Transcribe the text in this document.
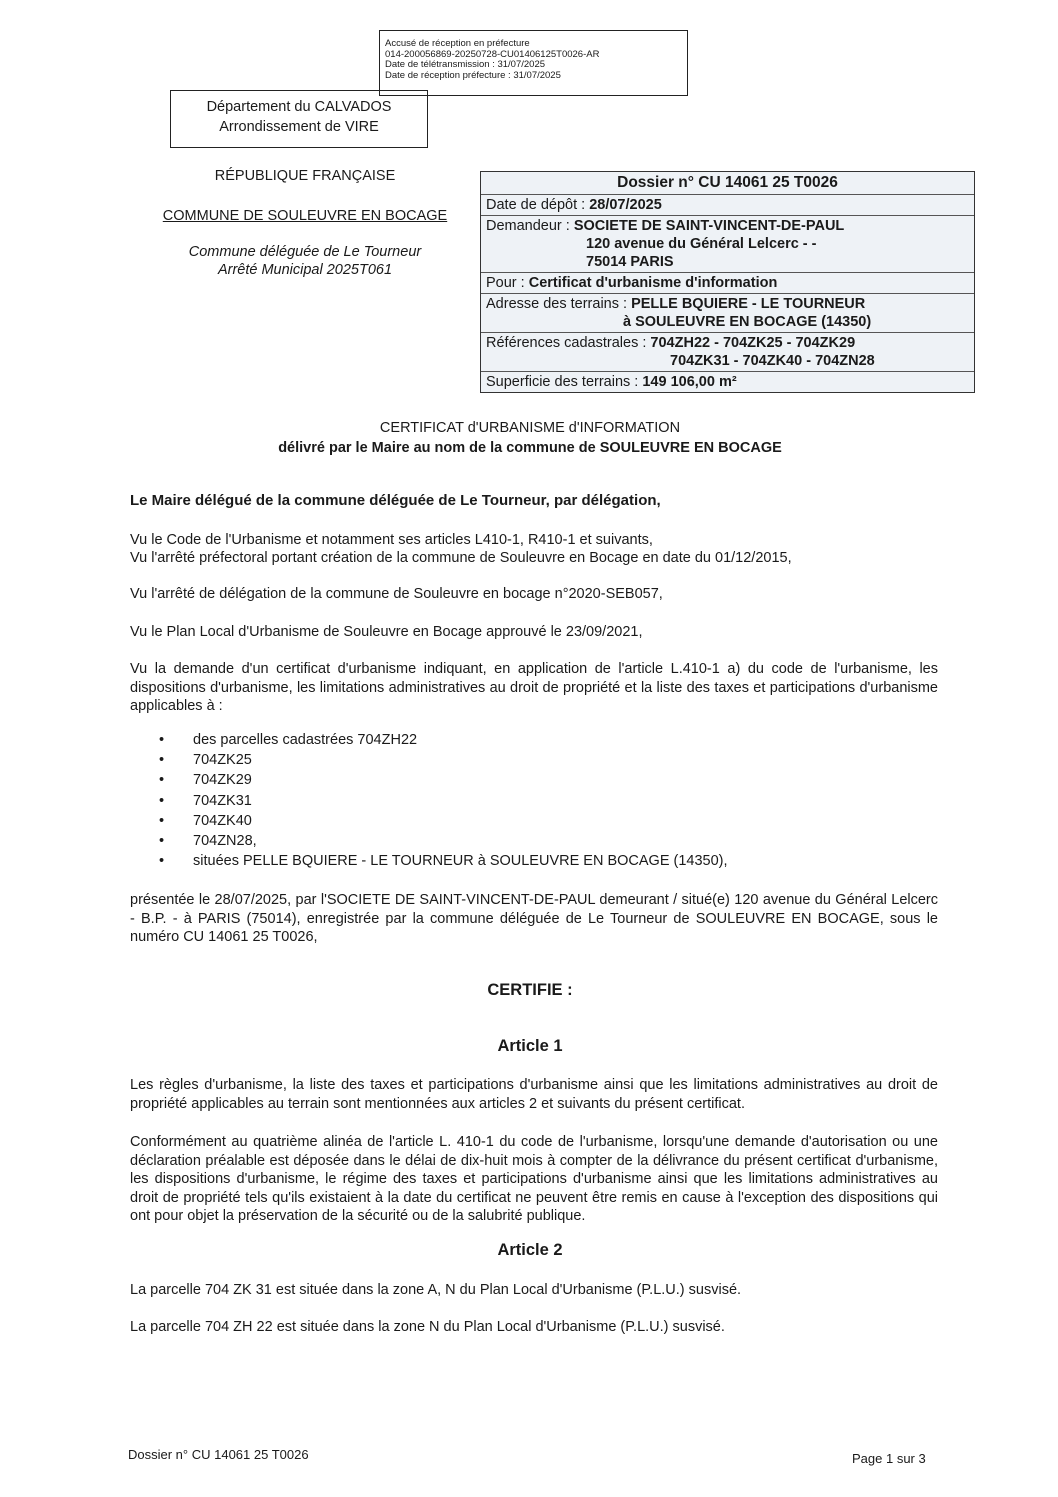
Accusé de réception en préfecture
014-200056869-20250728-CU01406125T0026-AR
Date de télétransmission : 31/07/2025
Date de réception préfecture : 31/07/2025
Département du CALVADOS
Arrondissement de VIRE
RÉPUBLIQUE FRANÇAISE
COMMUNE DE SOULEUVRE EN BOCAGE
Commune déléguée de Le Tourneur
Arrêté Municipal 2025T061
Dossier n° CU 14061 25 T0026
Date de dépôt : 28/07/2025
Demandeur : SOCIETE DE SAINT-VINCENT-DE-PAUL
120 avenue du Général Lelcerc - -
75014 PARIS
Pour : Certificat d'urbanisme d'information
Adresse des terrains : PELLE BQUIERE - LE TOURNEUR
à SOULEUVRE EN BOCAGE (14350)
Références cadastrales : 704ZH22 - 704ZK25 - 704ZK29
704ZK31 - 704ZK40 - 704ZN28
Superficie des terrains : 149 106,00 m²
CERTIFICAT d'URBANISME d'INFORMATION
délivré par le Maire au nom de la commune de SOULEUVRE EN BOCAGE
Le Maire délégué de la commune déléguée de Le Tourneur, par délégation,
Vu le Code de l'Urbanisme et notamment ses articles L410-1, R410-1 et suivants,
Vu l'arrêté préfectoral portant création de la commune de Souleuvre en Bocage en date du 01/12/2015,
Vu l'arrêté de délégation de la commune de Souleuvre en bocage n°2020-SEB057,
Vu le Plan Local d'Urbanisme de Souleuvre en Bocage approuvé le 23/09/2021,
Vu la demande d'un certificat d'urbanisme indiquant, en application de l'article L.410-1 a) du code de l'urbanisme, les dispositions d'urbanisme, les limitations administratives au droit de propriété et la liste des taxes et participations d'urbanisme applicables à :
• des parcelles cadastrées 704ZH22
• 704ZK25
• 704ZK29
• 704ZK31
• 704ZK40
• 704ZN28,
• situées PELLE BQUIERE - LE TOURNEUR à SOULEUVRE EN BOCAGE (14350),
présentée le 28/07/2025, par l'SOCIETE DE SAINT-VINCENT-DE-PAUL demeurant / situé(e) 120 avenue du Général Lelcerc - B.P. - à PARIS (75014), enregistrée par la commune déléguée de Le Tourneur de SOULEUVRE EN BOCAGE, sous le numéro CU 14061 25 T0026,
CERTIFIE :
Article 1
Les règles d'urbanisme, la liste des taxes et participations d'urbanisme ainsi que les limitations administratives au droit de propriété applicables au terrain sont mentionnées aux articles 2 et suivants du présent certificat.
Conformément au quatrième alinéa de l'article L. 410-1 du code de l'urbanisme, lorsqu'une demande d'autorisation ou une déclaration préalable est déposée dans le délai de dix-huit mois à compter de la délivrance du présent certificat d'urbanisme, les dispositions d'urbanisme, le régime des taxes et participations d'urbanisme ainsi que les limitations administratives au droit de propriété tels qu'ils existaient à la date du certificat ne peuvent être remis en cause à l'exception des dispositions qui ont pour objet la préservation de la sécurité ou de la salubrité publique.
Article 2
La parcelle 704 ZK 31 est située dans la zone A, N du Plan Local d'Urbanisme (P.L.U.) susvisé.
La parcelle 704 ZH 22 est située dans la zone N du Plan Local d'Urbanisme (P.L.U.) susvisé.
Dossier n° CU 14061 25 T0026	Page 1 sur 3
